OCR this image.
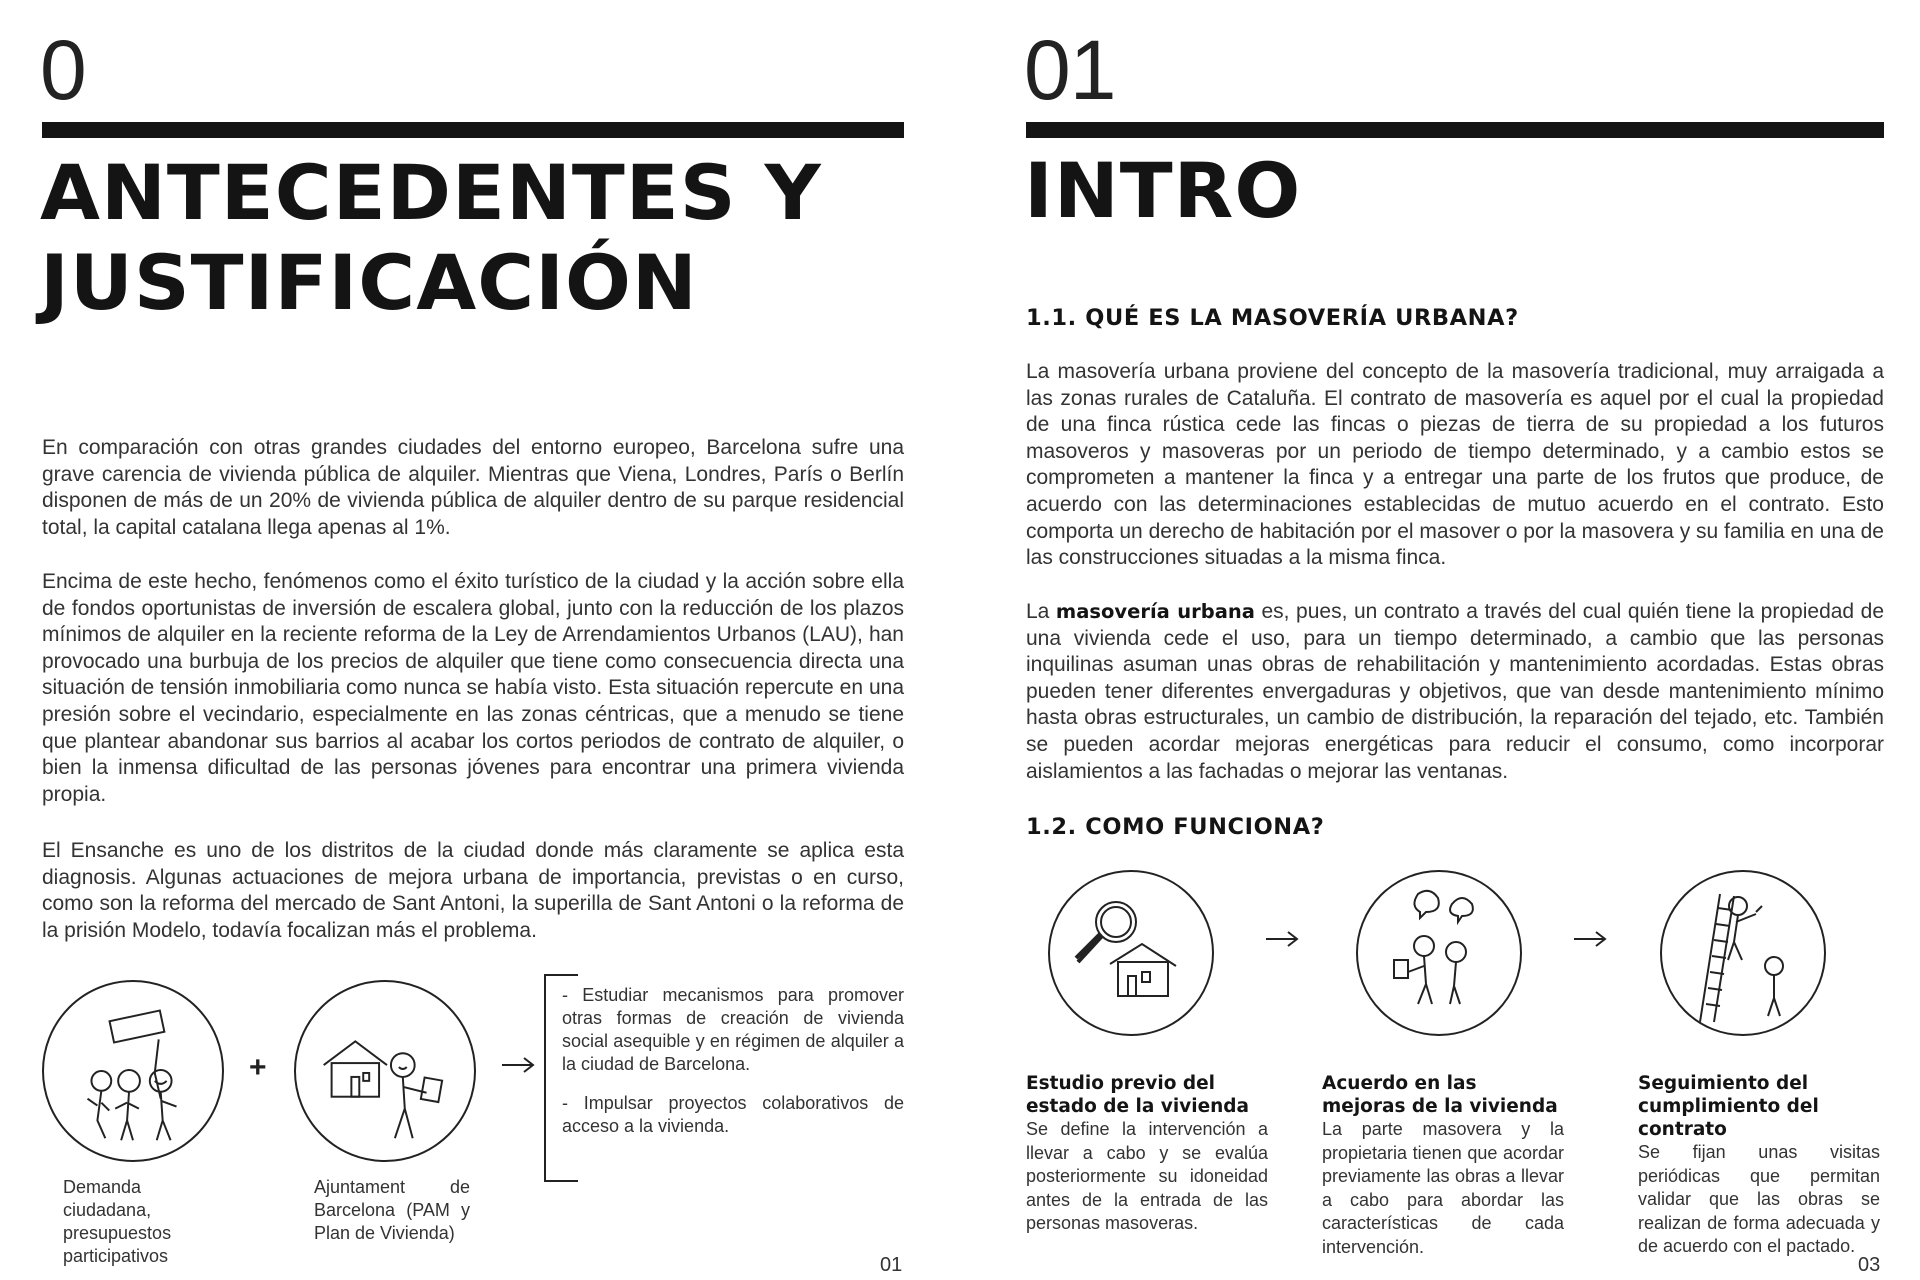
0
ANTECEDENTES Y
JUSTIFICACIÓN

En comparación con otras grandes ciudades del entorno europeo, Barcelona sufre una grave carencia de vivienda pública de alquiler. Mientras que Viena, Londres, París o Berlín disponen de más de un 20% de vivienda pública de alquiler dentro de su parque residencial total, la capital catalana llega apenas al 1%.

Encima de este hecho, fenómenos como el éxito turístico de la ciudad y la acción sobre ella de fondos oportunistas de inversión de escalera global, junto con la reducción de los plazos mínimos de alquiler en la reciente reforma de la Ley de Arrendamientos Urbanos (LAU), han provocado una burbuja de los precios de alquiler que tiene como consecuencia directa una situación de tensión inmobiliaria como nunca se había visto. Esta situación repercute en una presión sobre el vecindario, especialmente en las zonas céntricas, que a menudo se tiene que plantear abandonar sus barrios al acabar los cortos periodos de contrato de alquiler, o bien la inmensa dificultad de las personas jóvenes para encontrar una primera vivienda propia.

El Ensanche es uno de los distritos de la ciudad donde más claramente se aplica esta diagnosis. Algunas actuaciones de mejora urbana de importancia, previstas o en curso, como son la reforma del mercado de Sant Antoni, la superilla de Sant Antoni o la reforma de la prisión Modelo, todavía focalizan más el problema.

+
- Estudiar mecanismos para promover otras formas de creación de vivienda social asequible y en régimen de alquiler a la ciudad de Barcelona.
- Impulsar proyectos colaborativos de acceso a la vivienda.

Demanda ciudadana, presupuestos participativos

Ajuntament de Barcelona (PAM y Plan de Vivienda)

01
01
INTRO
1.1. QUÉ ES LA MASOVERÍA URBANA?

La masovería urbana proviene del concepto de la masovería tradicional, muy arraigada a las zonas rurales de Cataluña. El contrato de masovería es aquel por el cual la propiedad de una finca rústica cede las fincas o piezas de tierra de su propiedad a los futuros masoveros y masoveras por un periodo de tiempo determinado, y a cambio estos se comprometen a mantener la finca y a entregar una parte de los frutos que produce, de acuerdo con las determinaciones establecidas de mutuo acuerdo en el contrato. Esto comporta un derecho de habitación por el masover o por la masovera y su familia en una de las construcciones situadas a la misma finca.

La masovería urbana es, pues, un contrato a través del cual quién tiene la propiedad de una vivienda cede el uso, para un tiempo determinado, a cambio que las personas inquilinas asuman unas obras de rehabilitación y mantenimiento acordadas. Estas obras pueden tener diferentes envergaduras y objetivos, que van desde mantenimiento mínimo hasta obras estructurales, un cambio de distribución, la reparación del tejado, etc. También se pueden acordar mejoras energéticas para reducir el consumo, como incorporar aislamientos a las fachadas o mejorar las ventanas.

1.2. COMO FUNCIONA?
Estudio previo del estado de la vivienda
Se define la intervención a llevar a cabo y se evalúa posteriormente su idoneidad antes de la entrada de las personas masoveras.
Acuerdo en las mejoras de la vivienda
La parte masovera y la propietaria tienen que acordar previamente las obras a llevar a cabo para abordar las características de cada intervención.
Seguimiento del cumplimiento del contrato
Se fijan unas visitas periódicas que permitan validar que las obras se realizan de forma adecuada y de acuerdo con el pactado.
03
